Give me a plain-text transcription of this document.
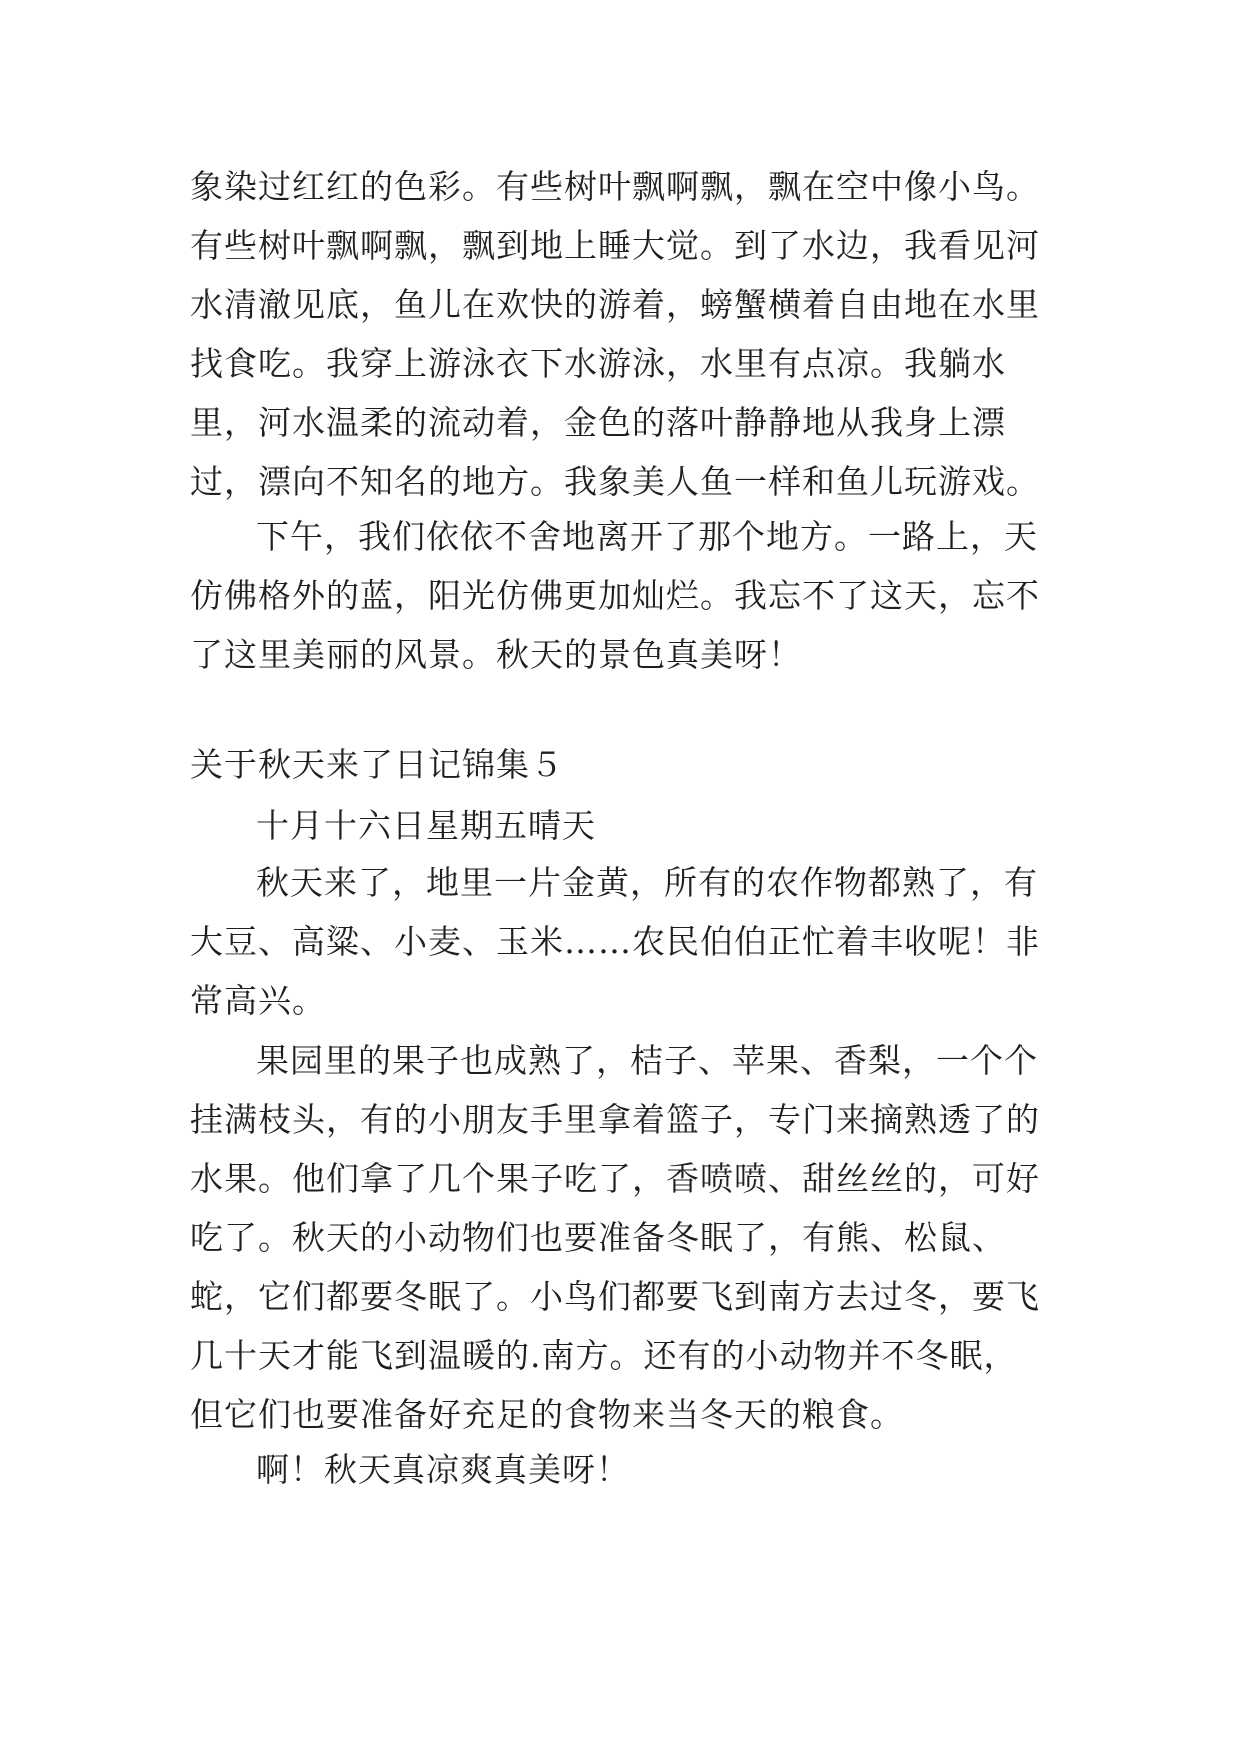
象染过红红的色彩。有些树叶飘啊飘，飘在空中像小鸟。有些树叶飘啊飘，飘到地上睡大觉。到了水边，我看见河水清澈见底，鱼儿在欢快的游着，螃蟹横着自由地在水里找食吃。我穿上游泳衣下水游泳，水里有点凉。我躺水里，河水温柔的流动着，金色的落叶静静地从我身上漂过，漂向不知名的地方。我象美人鱼一样和鱼儿玩游戏。

下午，我们依依不舍地离开了那个地方。一路上，天仿佛格外的蓝，阳光仿佛更加灿烂。我忘不了这天，忘不了这里美丽的风景。秋天的景色真美呀！

关于秋天来了日记锦集５

十月十六日星期五晴天

秋天来了，地里一片金黄，所有的农作物都熟了，有大豆、高粱、小麦、玉米……农民伯伯正忙着丰收呢！非常高兴。

果园里的果子也成熟了，桔子、苹果、香梨，一个个挂满枝头，有的小朋友手里拿着篮子，专门来摘熟透了的水果。他们拿了几个果子吃了，香喷喷、甜丝丝的，可好吃了。秋天的小动物们也要准备冬眠了，有熊、松鼠、蛇，它们都要冬眠了。小鸟们都要飞到南方去过冬，要飞几十天才能飞到温暖的.南方。还有的小动物并不冬眠，但它们也要准备好充足的食物来当冬天的粮食。

啊！秋天真凉爽真美呀！
